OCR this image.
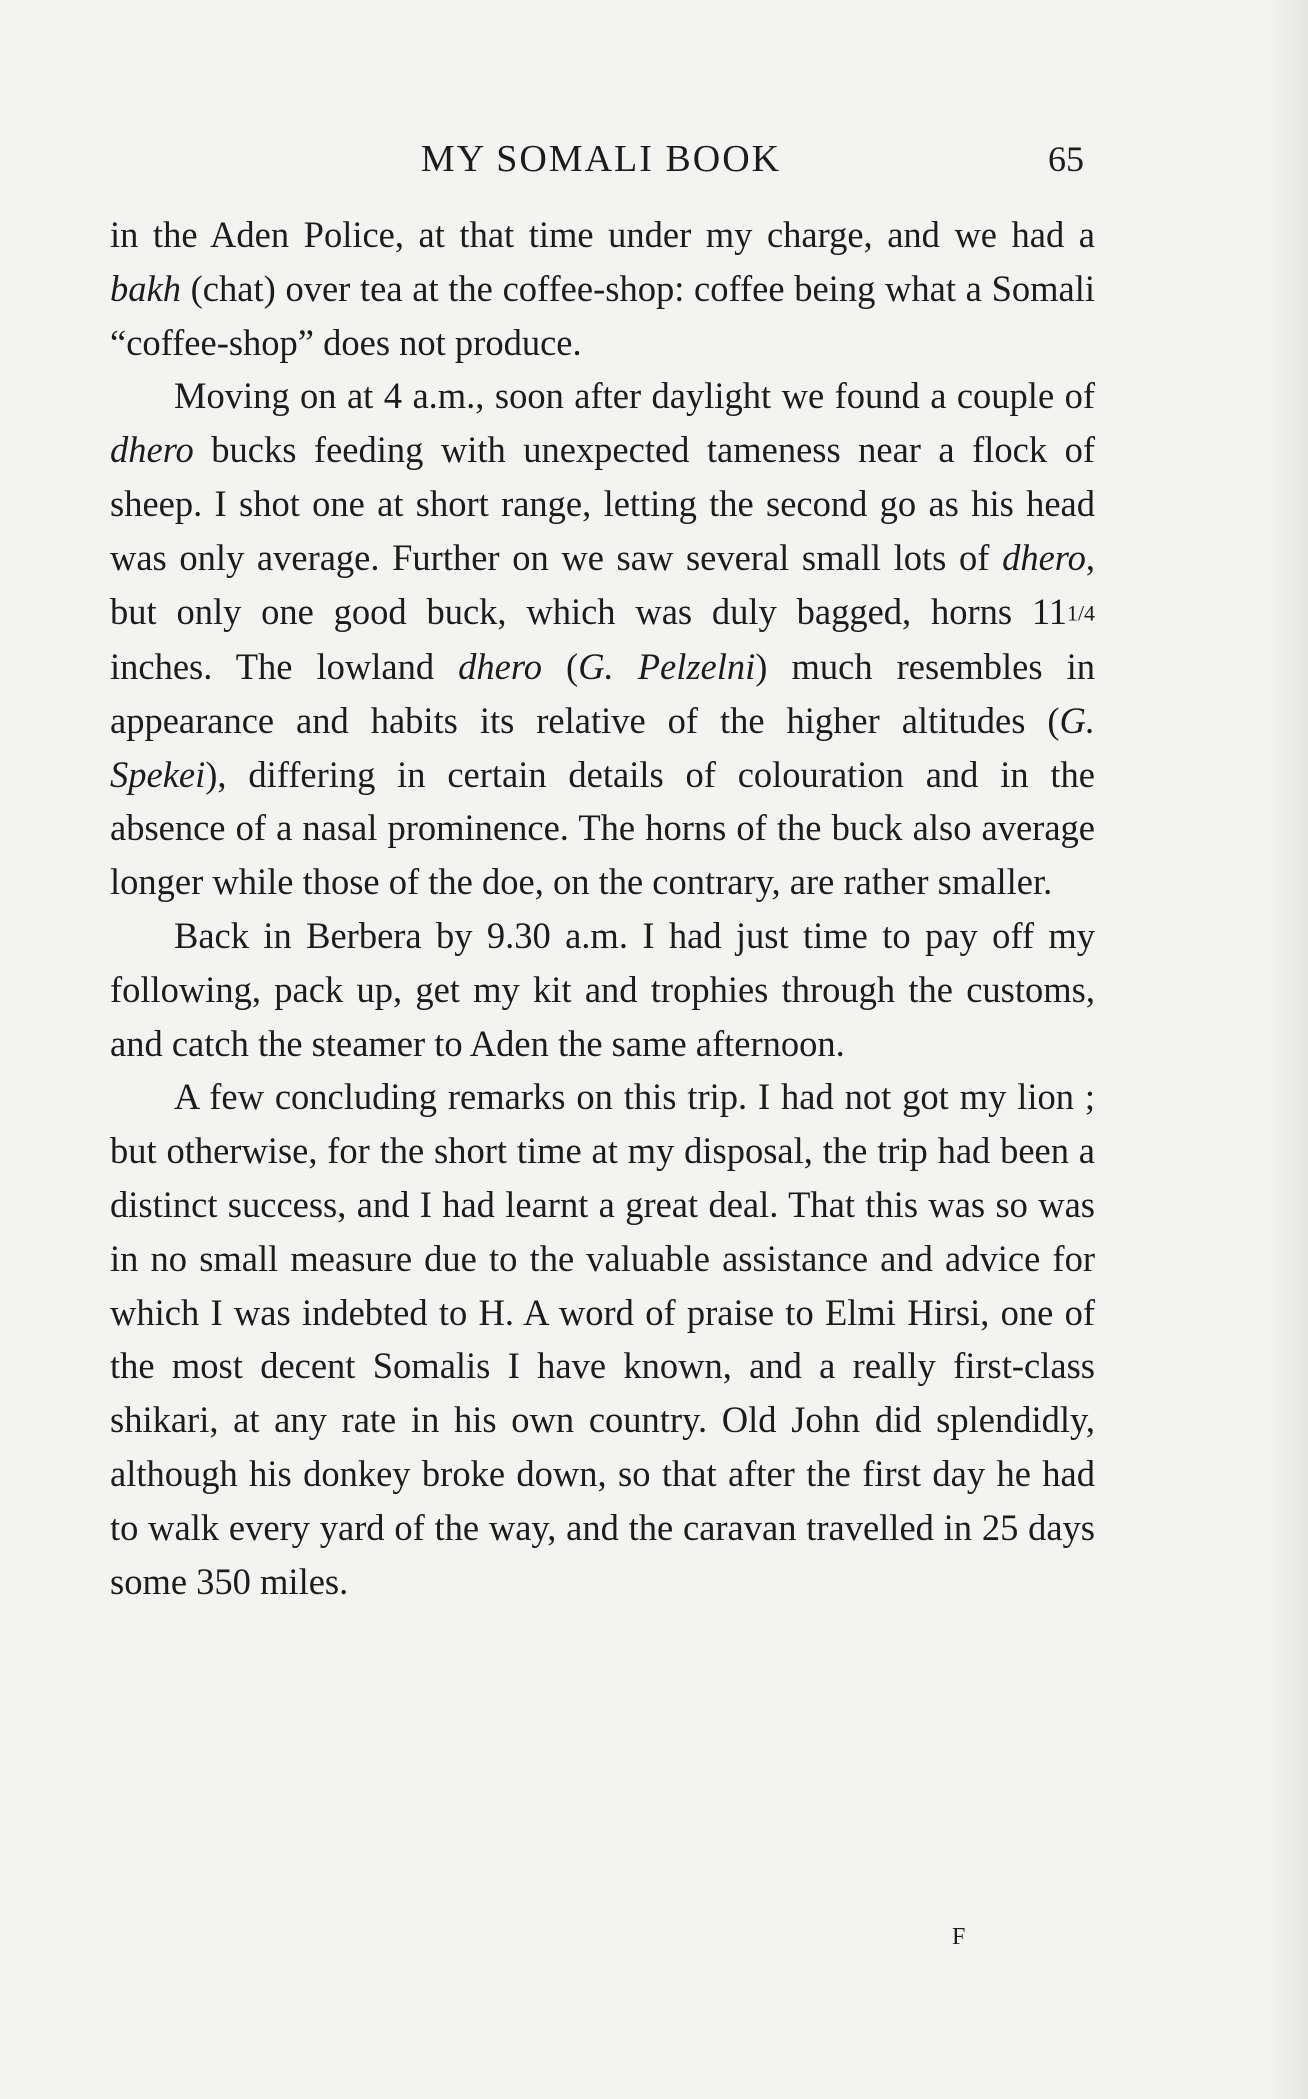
MY SOMALI BOOK	65

in the Aden Police, at that time under my charge, and we had a bakh (chat) over tea at the coffee-shop: coffee being what a Somali “coffee-shop” does not produce.

Moving on at 4 a.m., soon after daylight we found a couple of dhero bucks feeding with unexpected tameness near a flock of sheep. I shot one at short range, letting the second go as his head was only average. Further on we saw several small lots of dhero, but only one good buck, which was duly bagged, horns 111/4 inches. The lowland dhero (G. Pelzelni) much resembles in appearance and habits its relative of the higher altitudes (G. Spekei), differing in certain details of colouration and in the absence of a nasal prominence. The horns of the buck also average longer while those of the doe, on the contrary, are rather smaller.

Back in Berbera by 9.30 a.m. I had just time to pay off my following, pack up, get my kit and trophies through the customs, and catch the steamer to Aden the same afternoon.

A few concluding remarks on this trip. I had not got my lion ; but otherwise, for the short time at my disposal, the trip had been a distinct success, and I had learnt a great deal. That this was so was in no small measure due to the valuable assistance and advice for which I was indebted to H. A word of praise to Elmi Hirsi, one of the most decent Somalis I have known, and a really first-class shikari, at any rate in his own country. Old John did splendidly, although his donkey broke down, so that after the first day he had to walk every yard of the way, and the caravan travelled in 25 days some 350 miles.

F
